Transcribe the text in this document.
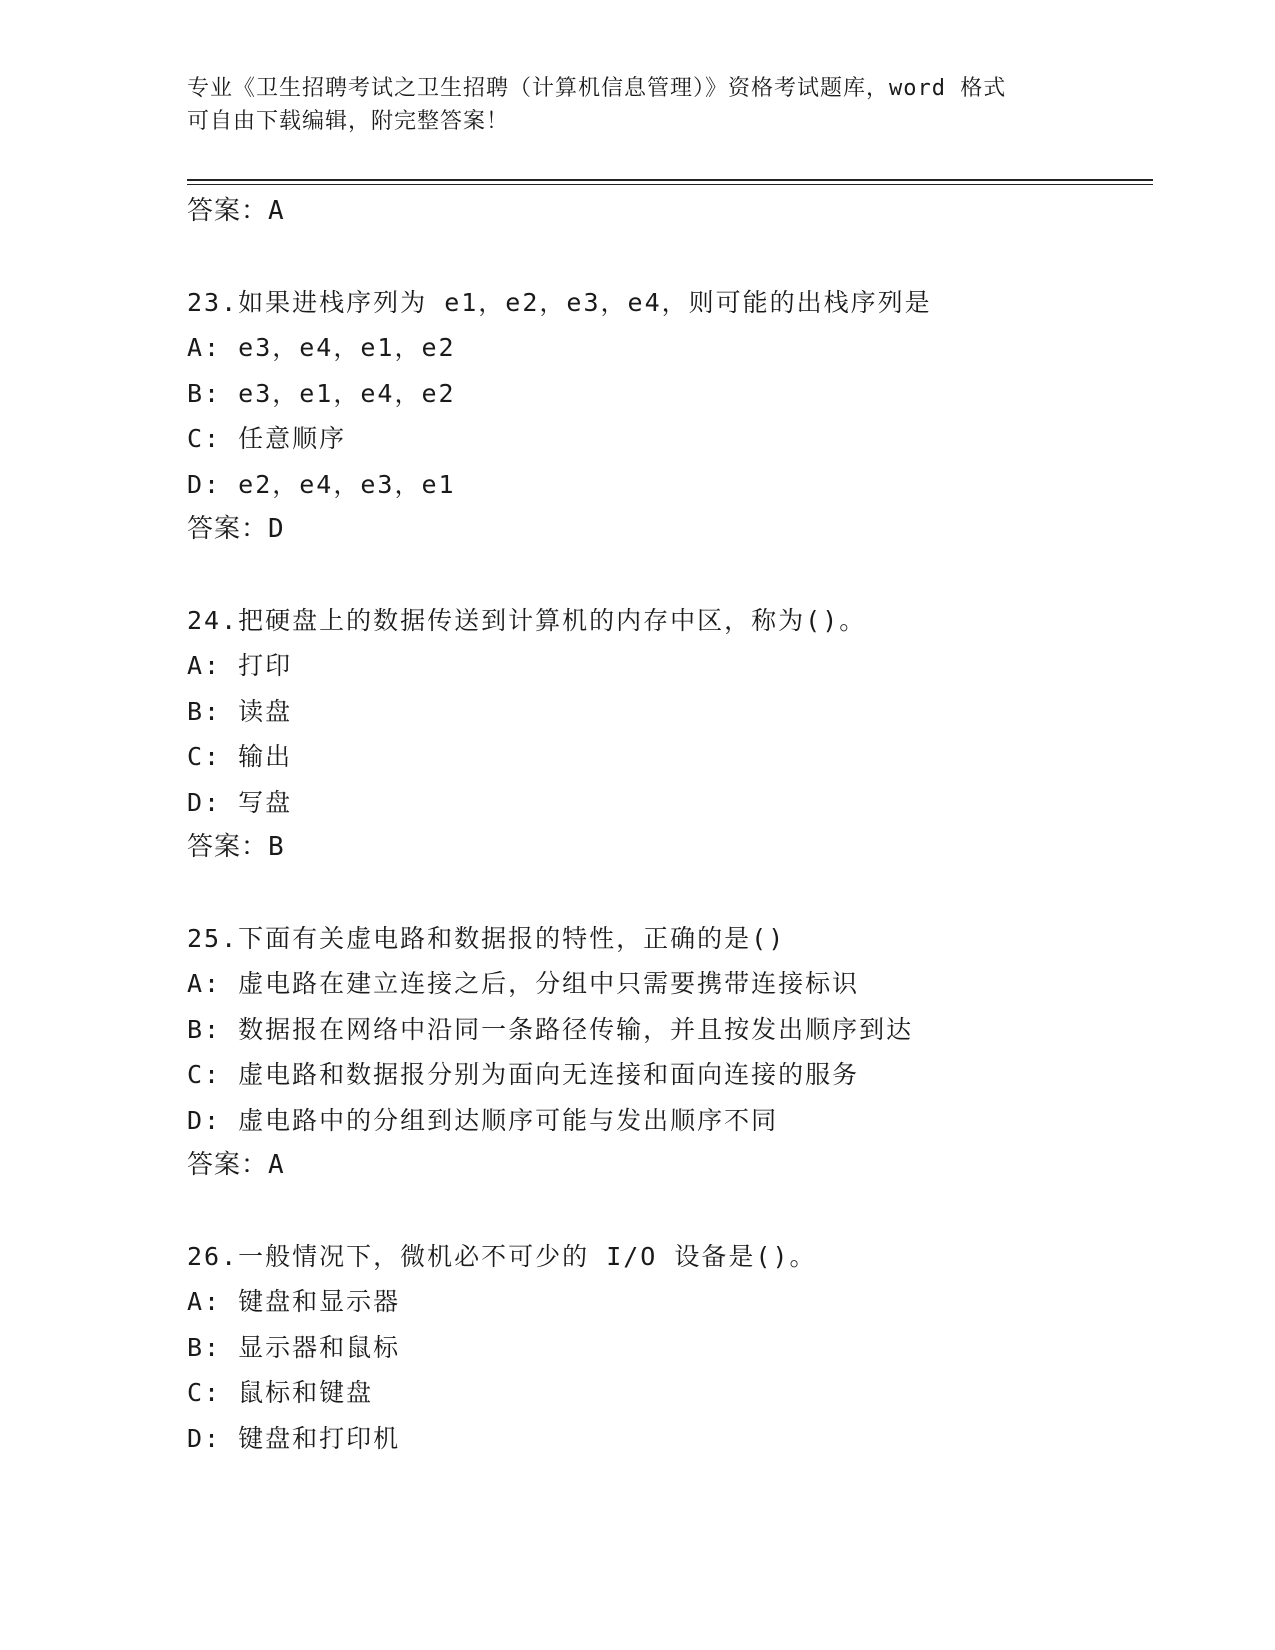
专业《卫生招聘考试之卫生招聘（计算机信息管理）》资格考试题库，word 格式
可自由下载编辑，附完整答案！
答案：A
23.如果进栈序列为 e1，e2，e3，e4，则可能的出栈序列是
A: e3，e4，e1，e2
B: e3，e1，e4，e2
C: 任意顺序
D: e2，e4，e3，e1
答案：D
24.把硬盘上的数据传送到计算机的内存中区，称为()。
A: 打印
B: 读盘
C: 输出
D: 写盘
答案：B
25.下面有关虚电路和数据报的特性，正确的是()
A: 虚电路在建立连接之后，分组中只需要携带连接标识
B: 数据报在网络中沿同一条路径传输，并且按发出顺序到达
C: 虚电路和数据报分别为面向无连接和面向连接的服务
D: 虚电路中的分组到达顺序可能与发出顺序不同
答案：A
26.一般情况下，微机必不可少的 I/O 设备是()。
A: 键盘和显示器
B: 显示器和鼠标
C: 鼠标和键盘
D: 键盘和打印机
